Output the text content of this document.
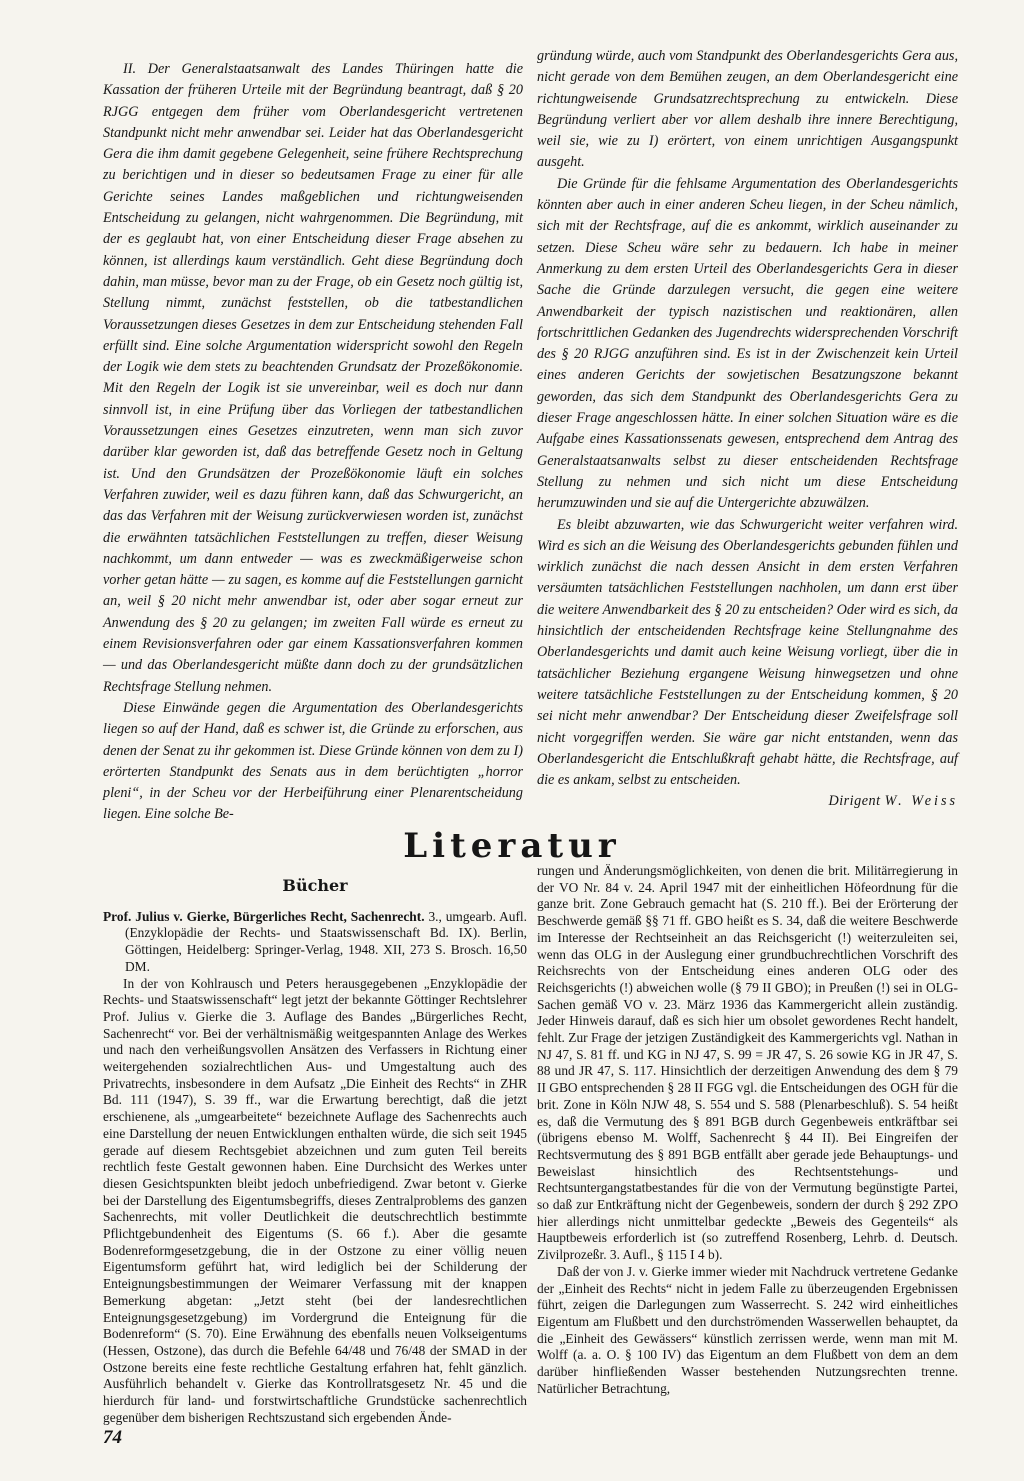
II. Der Generalstaatsanwalt des Landes Thüringen hatte die Kassation der früheren Urteile mit der Begründung beantragt, daß § 20 RJGG entgegen dem früher vom Oberlandesgericht vertretenen Standpunkt nicht mehr anwendbar sei. Leider hat das Oberlandesgericht Gera die ihm damit gegebene Gelegenheit, seine frühere Rechtsprechung zu berichtigen und in dieser so bedeutsamen Frage zu einer für alle Gerichte seines Landes maßgeblichen und richtungweisenden Entscheidung zu gelangen, nicht wahrgenommen. Die Begründung, mit der es geglaubt hat, von einer Entscheidung dieser Frage absehen zu können, ist allerdings kaum verständlich. Geht diese Begründung doch dahin, man müsse, bevor man zu der Frage, ob ein Gesetz noch gültig ist, Stellung nimmt, zunächst feststellen, ob die tatbestandlichen Voraussetzungen dieses Gesetzes in dem zur Entscheidung stehenden Fall erfüllt sind. Eine solche Argumentation widerspricht sowohl den Regeln der Logik wie dem stets zu beachtenden Grundsatz der Prozeßökonomie. Mit den Regeln der Logik ist sie unvereinbar, weil es doch nur dann sinnvoll ist, in eine Prüfung über das Vorliegen der tatbestandlichen Voraussetzungen eines Gesetzes einzutreten, wenn man sich zuvor darüber klar geworden ist, daß das betreffende Gesetz noch in Geltung ist. Und den Grundsätzen der Prozeßökonomie läuft ein solches Verfahren zuwider, weil es dazu führen kann, daß das Schwurgericht, an das das Verfahren mit der Weisung zurückverwiesen worden ist, zunächst die erwähnten tatsächlichen Feststellungen zu treffen, dieser Weisung nachkommt, um dann entweder — was es zweckmäßigerweise schon vorher getan hätte — zu sagen, es komme auf die Feststellungen garnicht an, weil § 20 nicht mehr anwendbar ist, oder aber sogar erneut zur Anwendung des § 20 zu gelangen; im zweiten Fall würde es erneut zu einem Revisionsverfahren oder gar einem Kassationsverfahren kommen — und das Oberlandesgericht müßte dann doch zu der grundsätzlichen Rechtsfrage Stellung nehmen.

Diese Einwände gegen die Argumentation des Oberlandesgerichts liegen so auf der Hand, daß es schwer ist, die Gründe zu erforschen, aus denen der Senat zu ihr gekommen ist. Diese Gründe können von dem zu I) erörterten Standpunkt des Senats aus in dem berüchtigten „horror pleni“, in der Scheu vor der Herbeiführung einer Plenarentscheidung liegen. Eine solche Be-

gründung würde, auch vom Standpunkt des Oberlandesgerichts Gera aus, nicht gerade von dem Bemühen zeugen, an dem Oberlandesgericht eine richtungweisende Grundsatzrechtsprechung zu entwickeln. Diese Begründung verliert aber vor allem deshalb ihre innere Berechtigung, weil sie, wie zu I) erörtert, von einem unrichtigen Ausgangspunkt ausgeht.

Die Gründe für die fehlsame Argumentation des Oberlandesgerichts könnten aber auch in einer anderen Scheu liegen, in der Scheu nämlich, sich mit der Rechtsfrage, auf die es ankommt, wirklich auseinander zu setzen. Diese Scheu wäre sehr zu bedauern. Ich habe in meiner Anmerkung zu dem ersten Urteil des Oberlandesgerichts Gera in dieser Sache die Gründe darzulegen versucht, die gegen eine weitere Anwendbarkeit der typisch nazistischen und reaktionären, allen fortschrittlichen Gedanken des Jugendrechts widersprechenden Vorschrift des § 20 RJGG anzuführen sind. Es ist in der Zwischenzeit kein Urteil eines anderen Gerichts der sowjetischen Besatzungszone bekannt geworden, das sich dem Standpunkt des Oberlandesgerichts Gera zu dieser Frage angeschlossen hätte. In einer solchen Situation wäre es die Aufgabe eines Kassationssenats gewesen, entsprechend dem Antrag des Generalstaatsanwalts selbst zu dieser entscheidenden Rechtsfrage Stellung zu nehmen und sich nicht um diese Entscheidung herumzuwinden und sie auf die Untergerichte abzuwälzen.

Es bleibt abzuwarten, wie das Schwurgericht weiter verfahren wird. Wird es sich an die Weisung des Oberlandesgerichts gebunden fühlen und wirklich zunächst die nach dessen Ansicht in dem ersten Verfahren versäumten tatsächlichen Feststellungen nachholen, um dann erst über die weitere Anwendbarkeit des § 20 zu entscheiden? Oder wird es sich, da hinsichtlich der entscheidenden Rechtsfrage keine Stellungnahme des Oberlandesgerichts und damit auch keine Weisung vorliegt, über die in tatsächlicher Beziehung ergangene Weisung hinwegsetzen und ohne weitere tatsächliche Feststellungen zu der Entscheidung kommen, § 20 sei nicht mehr anwendbar? Der Entscheidung dieser Zweifelsfrage soll nicht vorgegriffen werden. Sie wäre gar nicht entstanden, wenn das Oberlandesgericht die Entschlußkraft gehabt hätte, die Rechtsfrage, auf die es ankam, selbst zu entscheiden.

Dirigent W. Weiss
Literatur
Bücher

Prof. Julius v. Gierke, Bürgerliches Recht, Sachenrecht. 3., umgearb. Aufl. (Enzyklopädie der Rechts- und Staatswissenschaft Bd. IX). Berlin, Göttingen, Heidelberg: Springer-Verlag, 1948. XII, 273 S. Brosch. 16,50 DM.

In der von Kohlrausch und Peters herausgegebenen „Enzyklopädie der Rechts- und Staatswissenschaft“ legt jetzt der bekannte Göttinger Rechtslehrer Prof. Julius v. Gierke die 3. Auflage des Bandes „Bürgerliches Recht, Sachenrecht“ vor. Bei der verhältnismäßig weitgespannten Anlage des Werkes und nach den verheißungsvollen Ansätzen des Verfassers in Richtung einer weitergehenden sozialrechtlichen Aus- und Umgestaltung auch des Privatrechts, insbesondere in dem Aufsatz „Die Einheit des Rechts“ in ZHR Bd. 111 (1947), S. 39 ff., war die Erwartung berechtigt, daß die jetzt erschienene, als „umgearbeitete“ bezeichnete Auflage des Sachenrechts auch eine Darstellung der neuen Entwicklungen enthalten würde, die sich seit 1945 gerade auf diesem Rechtsgebiet abzeichnen und zum guten Teil bereits rechtlich feste Gestalt gewonnen haben. Eine Durchsicht des Werkes unter diesen Gesichtspunkten bleibt jedoch unbefriedigend. Zwar betont v. Gierke bei der Darstellung des Eigentumsbegriffs, dieses Zentralproblems des ganzen Sachenrechts, mit voller Deutlichkeit die deutschrechtlich bestimmte Pflichtgebundenheit des Eigentums (S. 66 f.). Aber die gesamte Bodenreformgesetzgebung, die in der Ostzone zu einer völlig neuen Eigentumsform geführt hat, wird lediglich bei der Schilderung der Enteignungsbestimmungen der Weimarer Verfassung mit der knappen Bemerkung abgetan: „Jetzt steht (bei der landesrechtlichen Enteignungsgesetzgebung) im Vordergrund die Enteignung für die Bodenreform“ (S. 70). Eine Erwähnung des ebenfalls neuen Volkseigentums (Hessen, Ostzone), das durch die Befehle 64/48 und 76/48 der SMAD in der Ostzone bereits eine feste rechtliche Gestaltung erfahren hat, fehlt gänzlich. Ausführlich behandelt v. Gierke das Kontrollratsgesetz Nr. 45 und die hierdurch für land- und forstwirtschaftliche Grundstücke sachenrechtlich gegenüber dem bisherigen Rechtszustand sich ergebenden Ände-

rungen und Änderungsmöglichkeiten, von denen die brit. Militärregierung in der VO Nr. 84 v. 24. April 1947 mit der einheitlichen Höfeordnung für die ganze brit. Zone Gebrauch gemacht hat (S. 210 ff.). Bei der Erörterung der Beschwerde gemäß §§ 71 ff. GBO heißt es S. 34, daß die weitere Beschwerde im Interesse der Rechtseinheit an das Reichsgericht (!) weiterzuleiten sei, wenn das OLG in der Auslegung einer grundbuchrechtlichen Vorschrift des Reichsrechts von der Entscheidung eines anderen OLG oder des Reichsgerichts (!) abweichen wolle (§ 79 II GBO); in Preußen (!) sei in OLG-Sachen gemäß VO v. 23. März 1936 das Kammergericht allein zuständig. Jeder Hinweis darauf, daß es sich hier um obsolet gewordenes Recht handelt, fehlt. Zur Frage der jetzigen Zuständigkeit des Kammergerichts vgl. Nathan in NJ 47, S. 81 ff. und KG in NJ 47, S. 99 = JR 47, S. 26 sowie KG in JR 47, S. 88 und JR 47, S. 117. Hinsichtlich der derzeitigen Anwendung des dem § 79 II GBO entsprechenden § 28 II FGG vgl. die Entscheidungen des OGH für die brit. Zone in Köln NJW 48, S. 554 und S. 588 (Plenarbeschluß). S. 54 heißt es, daß die Vermutung des § 891 BGB durch Gegenbeweis entkräftbar sei (übrigens ebenso M. Wolff, Sachenrecht § 44 II). Bei Eingreifen der Rechtsvermutung des § 891 BGB entfällt aber gerade jede Behauptungs- und Beweislast hinsichtlich des Rechtsentstehungs- und Rechtsuntergangstatbestandes für die von der Vermutung begünstigte Partei, so daß zur Entkräftung nicht der Gegenbeweis, sondern der durch § 292 ZPO hier allerdings nicht unmittelbar gedeckte „Beweis des Gegenteils“ als Hauptbeweis erforderlich ist (so zutreffend Rosenberg, Lehrb. d. Deutsch. Zivilprozeßr. 3. Aufl., § 115 I 4 b).

Daß der von J. v. Gierke immer wieder mit Nachdruck vertretene Gedanke der „Einheit des Rechts“ nicht in jedem Falle zu überzeugenden Ergebnissen führt, zeigen die Darlegungen zum Wasserrecht. S. 242 wird einheitliches Eigentum am Flußbett und den durchströmenden Wasserwellen behauptet, da die „Einheit des Gewässers“ künstlich zerrissen werde, wenn man mit M. Wolff (a. a. O. § 100 IV) das Eigentum an dem Flußbett von dem an dem darüber hinfließenden Wasser bestehenden Nutzungsrechten trenne. Natürlicher Betrachtung,

74
